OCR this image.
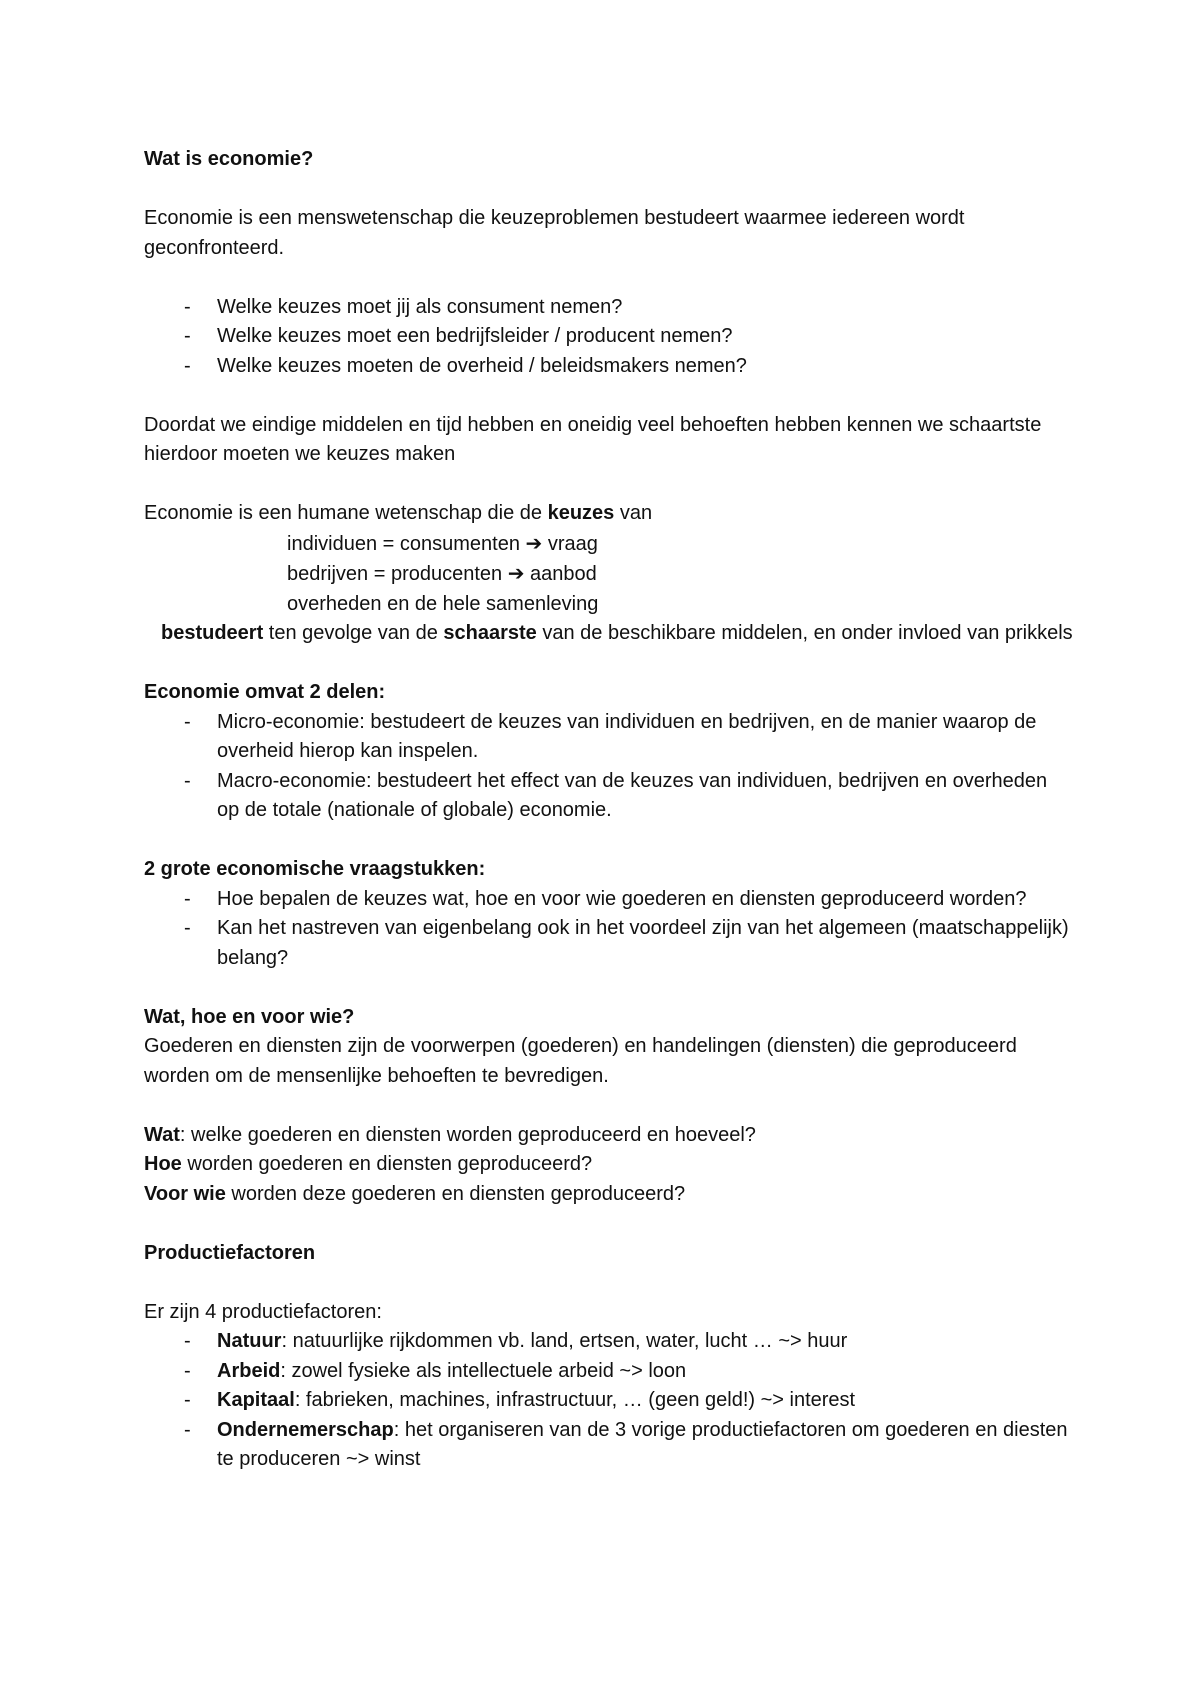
Wat is economie?

Economie is een menswetenschap die keuzeproblemen bestudeert waarmee iedereen wordt geconfronteerd.

- Welke keuzes moet jij als consument nemen?
- Welke keuzes moet een bedrijfsleider / producent nemen?
- Welke keuzes moeten de overheid / beleidsmakers nemen?

Doordat we eindige middelen en tijd hebben en oneidig veel behoeften hebben kennen we schaartste hierdoor moeten we keuzes maken

Economie is een humane wetenschap die de keuzes van

individuen = consumenten ➔ vraag

bedrijven = producenten ➔ aanbod

overheden en de hele samenleving

bestudeert ten gevolge van de schaarste van de beschikbare middelen, en onder invloed van prikkels

Economie omvat 2 delen:

- Micro-economie: bestudeert de keuzes van individuen en bedrijven, en de manier waarop de overheid hierop kan inspelen.
- Macro-economie: bestudeert het effect van de keuzes van individuen, bedrijven en overheden op de totale (nationale of globale) economie.

2 grote economische vraagstukken:

- Hoe bepalen de keuzes wat, hoe en voor wie goederen en diensten geproduceerd worden?
- Kan het nastreven van eigenbelang ook in het voordeel zijn van het algemeen (maatschappelijk) belang?

Wat, hoe en voor wie?

Goederen en diensten zijn de voorwerpen (goederen) en handelingen (diensten) die geproduceerd worden om de mensenlijke behoeften te bevredigen.

Wat: welke goederen en diensten worden geproduceerd en hoeveel?

Hoe worden goederen en diensten geproduceerd?

Voor wie worden deze goederen en diensten geproduceerd?

Productiefactoren

Er zijn 4 productiefactoren:

- Natuur: natuurlijke rijkdommen vb. land, ertsen, water, lucht … ~> huur
- Arbeid: zowel fysieke als intellectuele arbeid ~> loon
- Kapitaal: fabrieken, machines, infrastructuur, … (geen geld!) ~> interest
- Ondernemerschap: het organiseren van de 3 vorige productiefactoren om goederen en diesten te produceren ~> winst
